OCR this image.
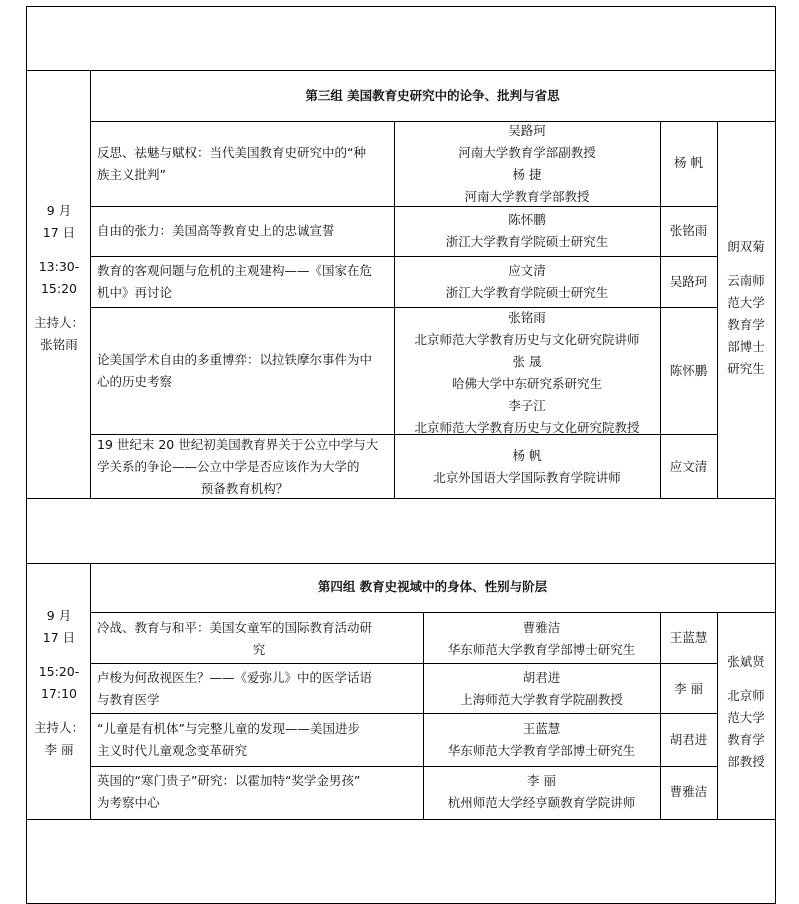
9 月
17 日
13:30-
15:20
主持人：
张铭雨
第三组 美国教育史研究中的论争、批判与省思
反思、祛魅与赋权：当代美国教育史研究中的“种
族主义批判”
吴路珂
河南大学教育学部副教授
杨 捷
河南大学教育学部教授
杨 帆
自由的张力：美国高等教育史上的忠诚宣誓
陈怀鹏
浙江大学教育学院硕士研究生
张铭雨
教育的客观问题与危机的主观建构——《国家在危
机中》再讨论
应文清
浙江大学教育学院硕士研究生
吴路珂
论美国学术自由的多重博弈：以拉铁摩尔事件为中
心的历史考察
张铭雨
北京师范大学教育历史与文化研究院讲师
张 晟
哈佛大学中东研究系研究生
李子江
北京师范大学教育历史与文化研究院教授
陈怀鹏
19 世纪末 20 世纪初美国教育界关于公立中学与大
学关系的争论——公立中学是否应该作为大学的
预备教育机构？
杨 帆
北京外国语大学国际教育学院讲师
应文清
朗双菊
云南师
范大学
教育学
部博士
研究生
9 月
17 日
15:20-
17:10
主持人：
李 丽
第四组 教育史视域中的身体、性别与阶层
冷战、教育与和平：美国女童军的国际教育活动研
究
曹雅洁
华东师范大学教育学部博士研究生
王蓝慧
卢梭为何敌视医生？——《爱弥儿》中的医学话语
与教育医学
胡君进
上海师范大学教育学院副教授
李 丽
“儿童是有机体”与完整儿童的发现——美国进步
主义时代儿童观念变革研究
王蓝慧
华东师范大学教育学部博士研究生
胡君进
英国的“寒门贵子”研究：以霍加特“奖学金男孩”
为考察中心
李 丽
杭州师范大学经亨颐教育学院讲师
曹雅洁
张斌贤
北京师
范大学
教育学
部教授
